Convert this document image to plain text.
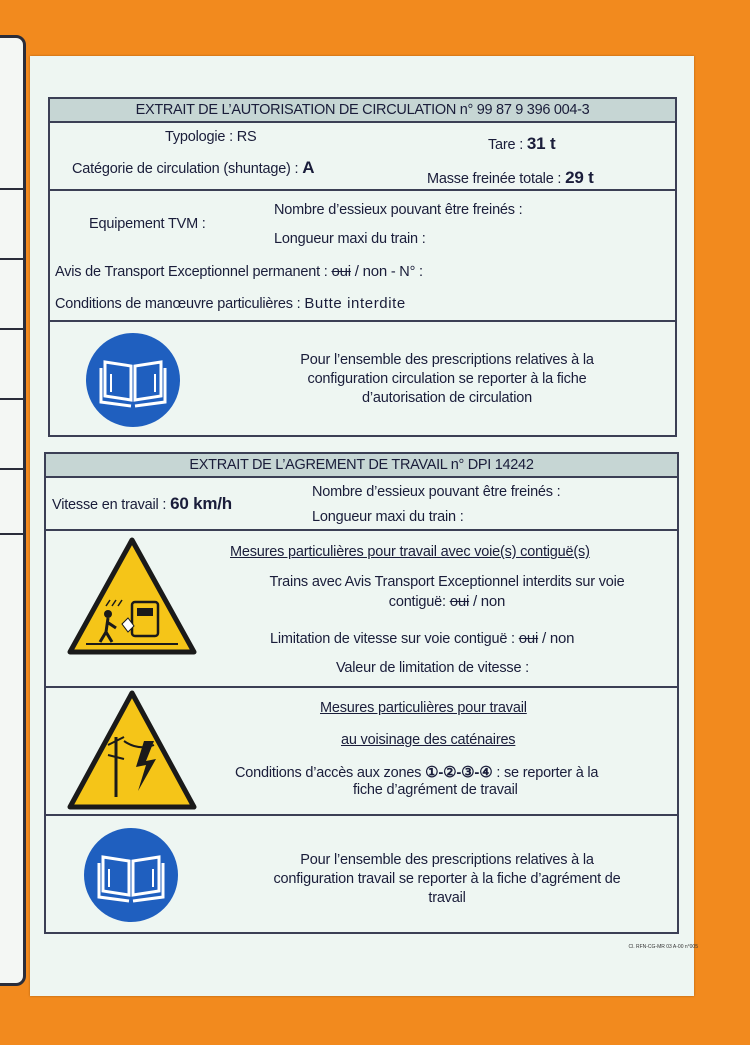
EXTRAIT DE L’AUTORISATION DE CIRCULATION n° 99 87 9 396 004-3
Typologie : RS	Tare : 31 t
Catégorie de circulation (shuntage) : A
Masse freinée totale : 29 t
Equipement TVM :
Nombre d’essieux pouvant être freinés :
Longueur maxi du train :
Avis de Transport Exceptionnel permanent : oui / non - N° :
Conditions de manœuvre particulières : Butte interdite
Pour l’ensemble des prescriptions relatives à la
configuration circulation se reporter à la fiche
d’autorisation de circulation
EXTRAIT DE L’AGREMENT DE TRAVAIL n° DPI 14242
Vitesse en travail : 60 km/h
Nombre d’essieux pouvant être freinés :
Longueur maxi du train :
Mesures particulières pour travail avec voie(s) contiguë(s)
Trains avec Avis Transport Exceptionnel interdits sur voie
contiguë: oui / non
Limitation de vitesse sur voie contiguë : oui / non
Valeur de limitation de vitesse :
Mesures particulières pour travail
au voisinage des caténaires
Conditions d’accès aux zones ①-②-③-④ : se reporter à la
fiche d’agrément de travail
Pour l’ensemble des prescriptions relatives à la
configuration travail se reporter à la fiche d’agrément de
travail
Cl. RFN-CG-MR 03 A-00 n°005
